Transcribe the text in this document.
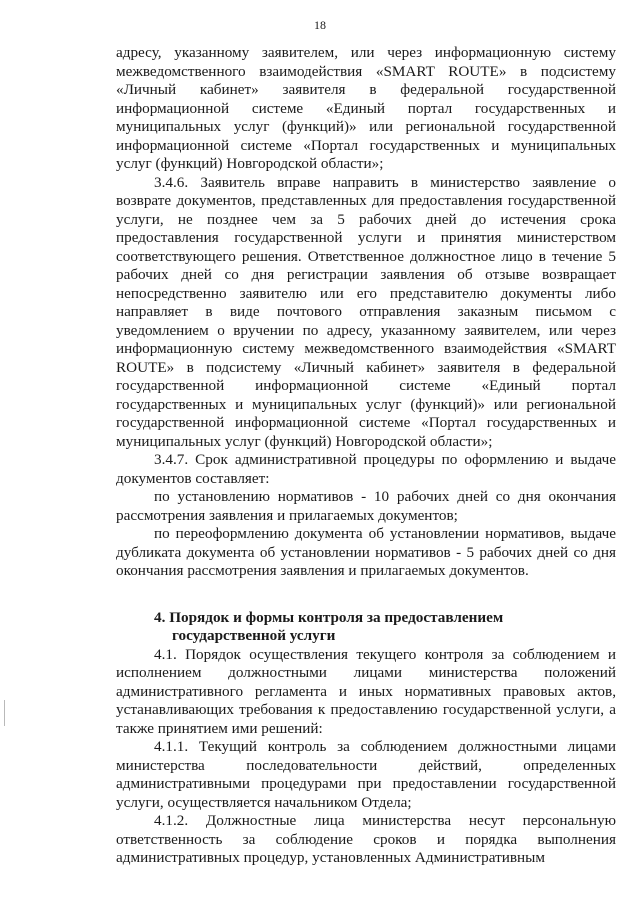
18

адресу, указанному заявителем, или через информационную систему межведомственного взаимодействия «SMART ROUTE» в подсистему «Личный кабинет» заявителя в федеральной государственной информационной системе «Единый портал государственных и муниципальных услуг (функций)» или региональной государственной информационной системе «Портал государственных и муниципальных услуг (функций) Новгородской области»;

3.4.6. Заявитель вправе направить в министерство заявление о возврате документов, представленных для предоставления государственной услуги, не позднее чем за 5 рабочих дней до истечения срока предоставления государственной услуги и принятия министерством соответствующего решения. Ответственное должностное лицо в течение 5 рабочих дней со дня регистрации заявления об отзыве возвращает непосредственно заявителю или его представителю документы либо направляет в виде почтового отправления заказным письмом с уведомлением о вручении по адресу, указанному заявителем, или через информационную систему межведомственного взаимодействия «SMART ROUTE» в подсистему «Личный кабинет» заявителя в федеральной государственной информационной системе «Единый портал государственных и муниципальных услуг (функций)» или региональной государственной информационной системе «Портал государственных и муниципальных услуг (функций) Новгородской области»;

3.4.7. Срок административной процедуры по оформлению и выдаче документов составляет:

по установлению нормативов - 10 рабочих дней со дня окончания рассмотрения заявления и прилагаемых документов;

по переоформлению документа об установлении нормативов, выдаче дубликата документа об установлении нормативов - 5 рабочих дней со дня окончания рассмотрения заявления и прилагаемых документов.

4. Порядок и формы контроля за предоставлением
государственной услуги

4.1. Порядок осуществления текущего контроля за соблюдением и исполнением должностными лицами министерства положений административного регламента и иных нормативных правовых актов, устанавливающих требования к предоставлению государственной услуги, а также принятием ими решений:

4.1.1. Текущий контроль за соблюдением должностными лицами министерства последовательности действий, определенных административными процедурами при предоставлении государственной услуги, осуществляется начальником Отдела;

4.1.2. Должностные лица министерства несут персональную ответственность за соблюдение сроков и порядка выполнения административных процедур, установленных Административным
